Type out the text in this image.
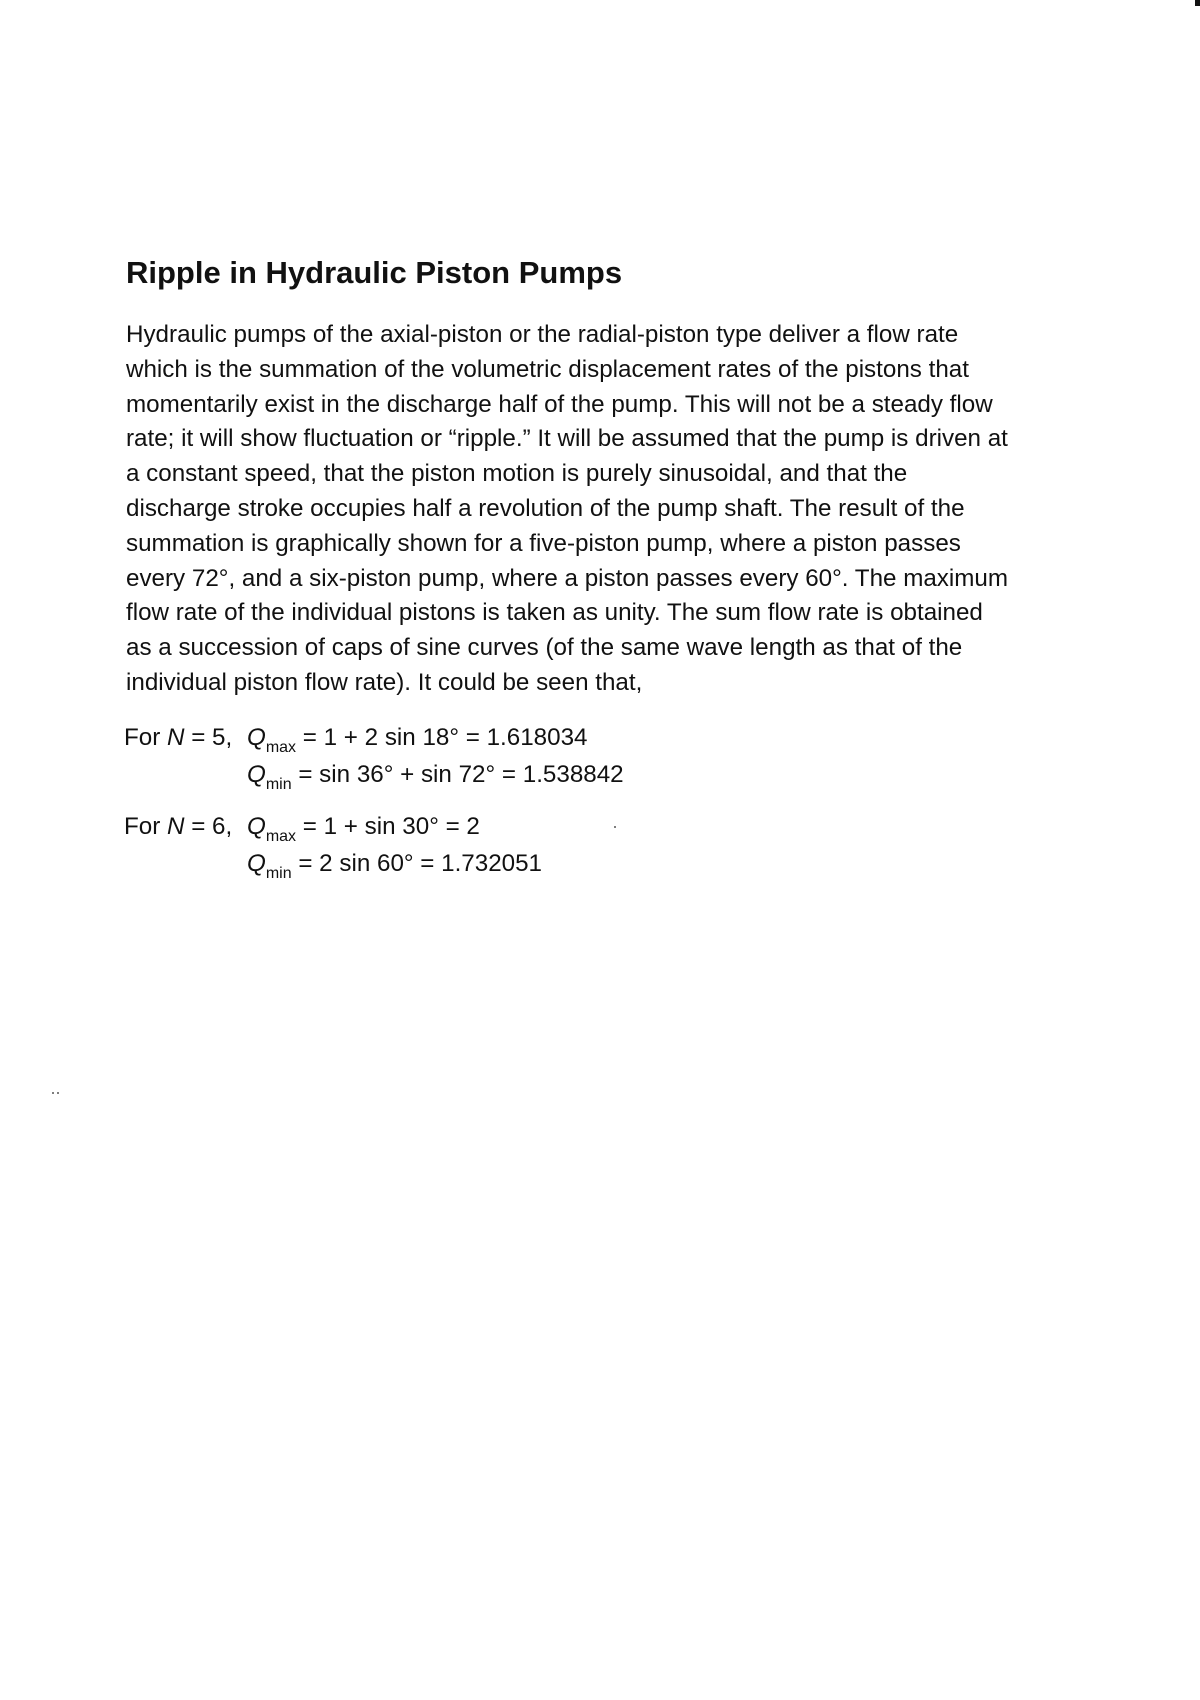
Ripple in Hydraulic Piston Pumps
Hydraulic pumps of the axial-piston or the radial-piston type deliver a flow rate
which is the summation of the volumetric displacement rates of the pistons that
momentarily exist in the discharge half of the pump. This will not be a steady flow
rate; it will show fluctuation or “ripple.” It will be assumed that the pump is driven at
a constant speed, that the piston motion is purely sinusoidal, and that the
discharge stroke occupies half a revolution of the pump shaft. The result of the
summation is graphically shown for a five-piston pump, where a piston passes
every 72°, and a six-piston pump, where a piston passes every 60°. The maximum
flow rate of the individual pistons is taken as unity. The sum flow rate is obtained
as a succession of caps of sine curves (of the same wave length as that of the
individual piston flow rate). It could be seen that,
For $N = 5,Q_{max} = 1 + 2$ sin 18° = 1.618034
$Q_{min} = \sin 36^\circ + \sin 72^\circ = 1.538842$
For $N = 6,Q_{max} = 1 + \sin 30^\circ = 2$
$Q_{min} = 2$ sin 60° = 1.732051
